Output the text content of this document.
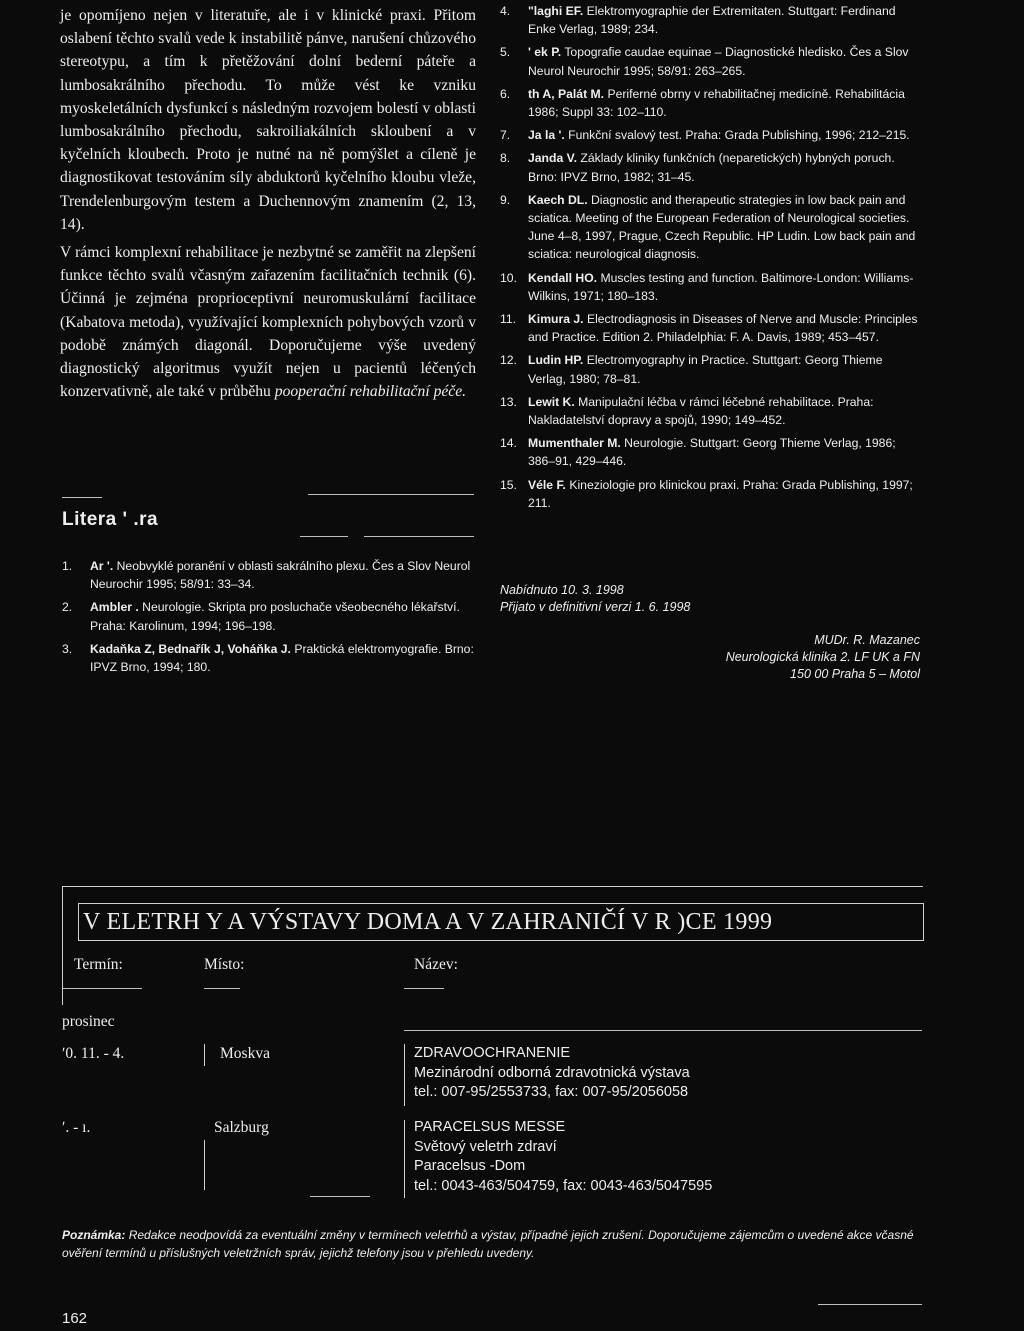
je opomíjeno nejen v literatuře, ale i v klinické praxi. Přitom oslabení těchto svalů vede k instabilitě pánve, narušení chůzového stereotypu, a tím k přetěžování dolní bederní páteře a lumbosakrálního přechodu. To může vést ke vzniku myoskeletálních dysfunkcí s následným rozvojem bolestí v oblasti lumbosakrálního přechodu, sakroiliakálních skloubení a v kyčelních kloubech. Proto je nutné na ně pomýšlet a cíleně je diagnostikovat testováním síly abduktorů kyčelního kloubu vleže, Trendelenburgovým testem a Duchennovým znamením (2, 13, 14).

V rámci komplexní rehabilitace je nezbytné se zaměřit na zlepšení funkce těchto svalů včasným zařazením facilitačních technik (6). Účinná je zejména proprioceptivní neuromuskulární facilitace (Kabatova metoda), využívající komplexních pohybových vzorů v podobě známých diagonál. Doporučujeme výše uvedený diagnostický algoritmus využít nejen u pacientů léčených konzervativně, ale také v průběhu pooperační rehabilitační péče.

Litera ʹ .ra
1. Ar ʹ. Neobvyklé poranění v oblasti sakrálního plexu. Čes a Slov Neurol Neurochir 1995; 58/91: 33–34.
2. Ambler . Neurologie. Skripta pro posluchače všeobecného lékařství. Praha: Karolinum, 1994; 196–198.
3. Kadaňka Z, Bednařík J, Voháňka J. Praktická elektromyografie. Brno: IPVZ Brno, 1994; 180.
4. "laghi EF. Elektromyographie der Extremitaten. Stuttgart: Ferdinand Enke Verlag, 1989; 234.
5. ʹ ek P. Topografie caudae equinae – Diagnostické hledisko. Čes a Slov Neurol Neurochir 1995; 58/91: 263–265.
6. th A, Palát M. Periferné obrny v rehabilitačnej medicíně. Rehabilitácia 1986; Suppl 33: 102–110.
7. Ja la ʹ. Funkční svalový test. Praha: Grada Publishing, 1996; 212–215.
8. Janda V. Základy kliniky funkčních (neparetických) hybných poruch. Brno: IPVZ Brno, 1982; 31–45.
9. Kaech DL. Diagnostic and therapeutic strategies in low back pain and sciatica. Meeting of the European Federation of Neurological societies. June 4–8, 1997, Prague, Czech Republic. HP Ludin. Low back pain and sciatica: neurological diagnosis.
10. Kendall HO. Muscles testing and function. Baltimore-London: Williams-Wilkins, 1971; 180–183.
11. Kimura J. Electrodiagnosis in Diseases of Nerve and Muscle: Principles and Practice. Edition 2. Philadelphia: F. A. Davis, 1989; 453–457.
12. Ludin HP. Electromyography in Practice. Stuttgart: Georg Thieme Verlag, 1980; 78–81.
13. Lewit K. Manipulační léčba v rámci léčebné rehabilitace. Praha: Nakladatelství dopravy a spojů, 1990; 149–452.
14. Mumenthaler M. Neurologie. Stuttgart: Georg Thieme Verlag, 1986; 386–91, 429–446.
15. Véle F. Kineziologie pro klinickou praxi. Praha: Grada Publishing, 1997; 211.
Nabídnuto 10. 3. 1998
Přijato v definitivní verzi 1. 6. 1998
MUDr. R. Mazanec
Neurologická klinika 2. LF UK a FN
150 00 Praha 5 – Motol
V ELETRH Y A VÝSTAVY DOMA A V ZAHRANIČÍ V R )CE 1999
Termín:	Místo:	Název:
prosinec
ʹ0. 11. - 4.	Moskva	ZDRAVOOCHRANENIE
Mezinárodní odborná zdravotnická výstava
tel.: 007-95/2553733, fax: 007-95/2056058
ʹ. - ı.	Salzburg	PARACELSUS MESSE
Světový veletrh zdraví
Paracelsus -Dom
tel.: 0043-463/504759, fax: 0043-463/5047595
Poznámka: Redakce neodpovídá za eventuální změny v termínech veletrhů a výstav, případné jejich zrušení. Doporučujeme zájemcům o uvedené akce včasné ověření termínů u příslušných veletržních správ, jejichž telefony jsou v přehledu uvedeny.
162
